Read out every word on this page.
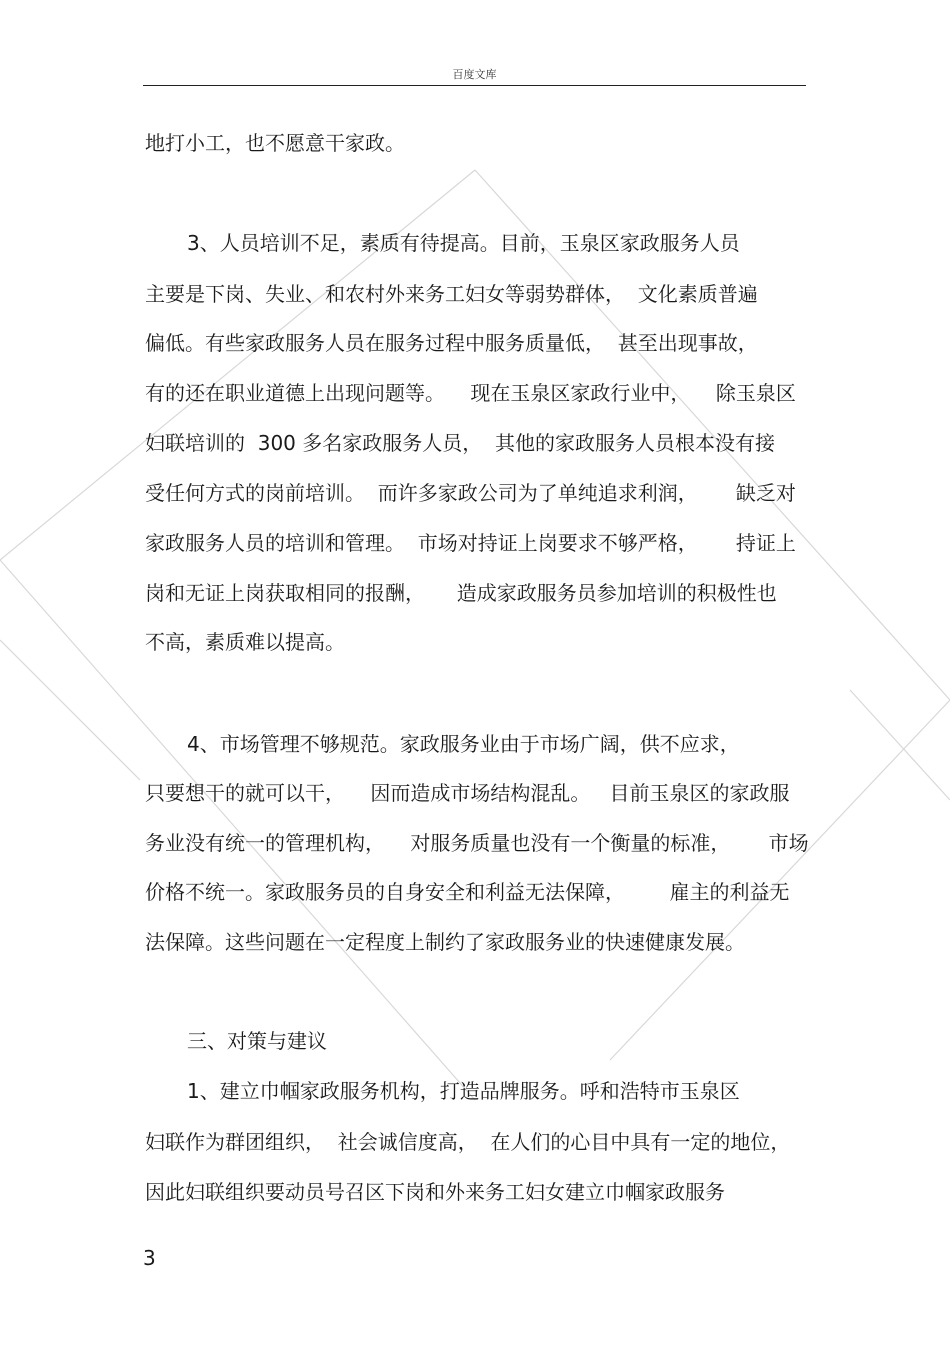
百度文库
地打小工，也不愿意干家政。
3、人员培训不足，素质有待提高。目前，玉泉区家政服务人员
主要是下岗、失业、和农村外来务工妇女等弱势群体，  文化素质普遍
偏低。有些家政服务人员在服务过程中服务质量低，  甚至出现事故，
有的还在职业道德上出现问题等。    现在玉泉区家政行业中，    除玉泉区
妇联培训的  300 多名家政服务人员，  其他的家政服务人员根本没有接
受任何方式的岗前培训。  而许多家政公司为了单纯追求利润，      缺乏对
家政服务人员的培训和管理。  市场对持证上岗要求不够严格，      持证上
岗和无证上岗获取相同的报酬，     造成家政服务员参加培训的积极性也
不高，素质难以提高。
4、市场管理不够规范。家政服务业由于市场广阔，供不应求，
只要想干的就可以干，    因而造成市场结构混乱。   目前玉泉区的家政服
务业没有统一的管理机构，    对服务质量也没有一个衡量的标准，      市场
价格不统一。家政服务员的自身安全和利益无法保障，       雇主的利益无
法保障。这些问题在一定程度上制约了家政服务业的快速健康发展。
三、对策与建议
1、建立巾帼家政服务机构，打造品牌服务。呼和浩特市玉泉区
妇联作为群团组织，  社会诚信度高，  在人们的心目中具有一定的地位，
因此妇联组织要动员号召区下岗和外来务工妇女建立巾帼家政服务
3
